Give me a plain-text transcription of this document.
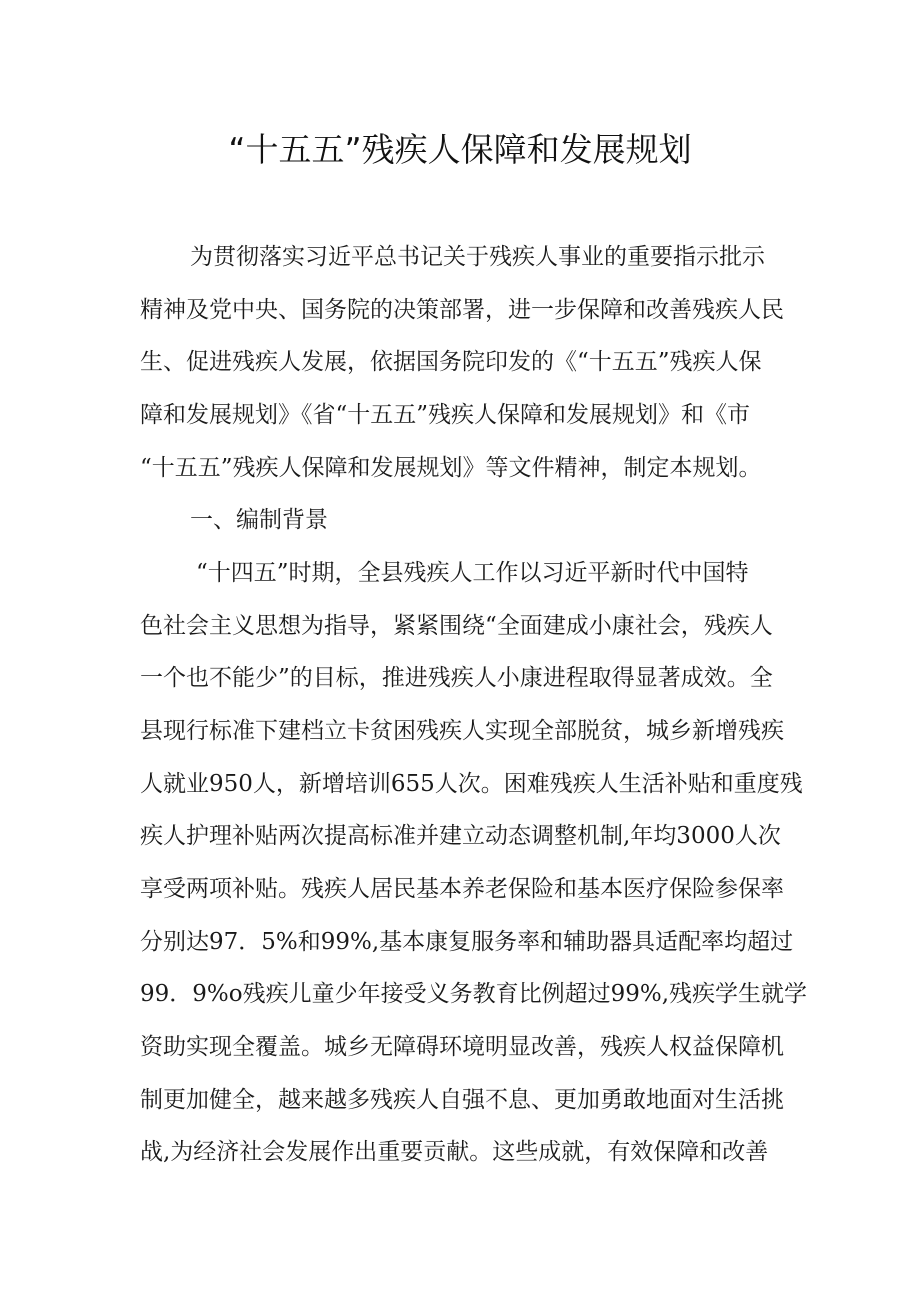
“十五五”残疾人保障和发展规划
为贯彻落实习近平总书记关于残疾人事业的重要指示批示
精神及党中央、国务院的决策部署，进一步保障和改善残疾人民
生、促进残疾人发展，依据国务院印发的《“十五五”残疾人保
障和发展规划》《省“十五五”残疾人保障和发展规划》和《市
“十五五”残疾人保障和发展规划》等文件精神，制定本规划。
一、编制背景
“十四五”时期，全县残疾人工作以习近平新时代中国特
色社会主义思想为指导，紧紧围绕“全面建成小康社会，残疾人
一个也不能少”的目标，推进残疾人小康进程取得显著成效。全
县现行标准下建档立卡贫困残疾人实现全部脱贫，城乡新增残疾
人就业950人，新增培训655人次。困难残疾人生活补贴和重度残
疾人护理补贴两次提高标准并建立动态调整机制,年均3000人次
享受两项补贴。残疾人居民基本养老保险和基本医疗保险参保率
分别达97．5%和99%,基本康复服务率和辅助器具适配率均超过
99．9%o残疾儿童少年接受义务教育比例超过99%,残疾学生就学
资助实现全覆盖。城乡无障碍环境明显改善，残疾人权益保障机
制更加健全，越来越多残疾人自强不息、更加勇敢地面对生活挑
战,为经济社会发展作出重要贡献。这些成就，有效保障和改善
